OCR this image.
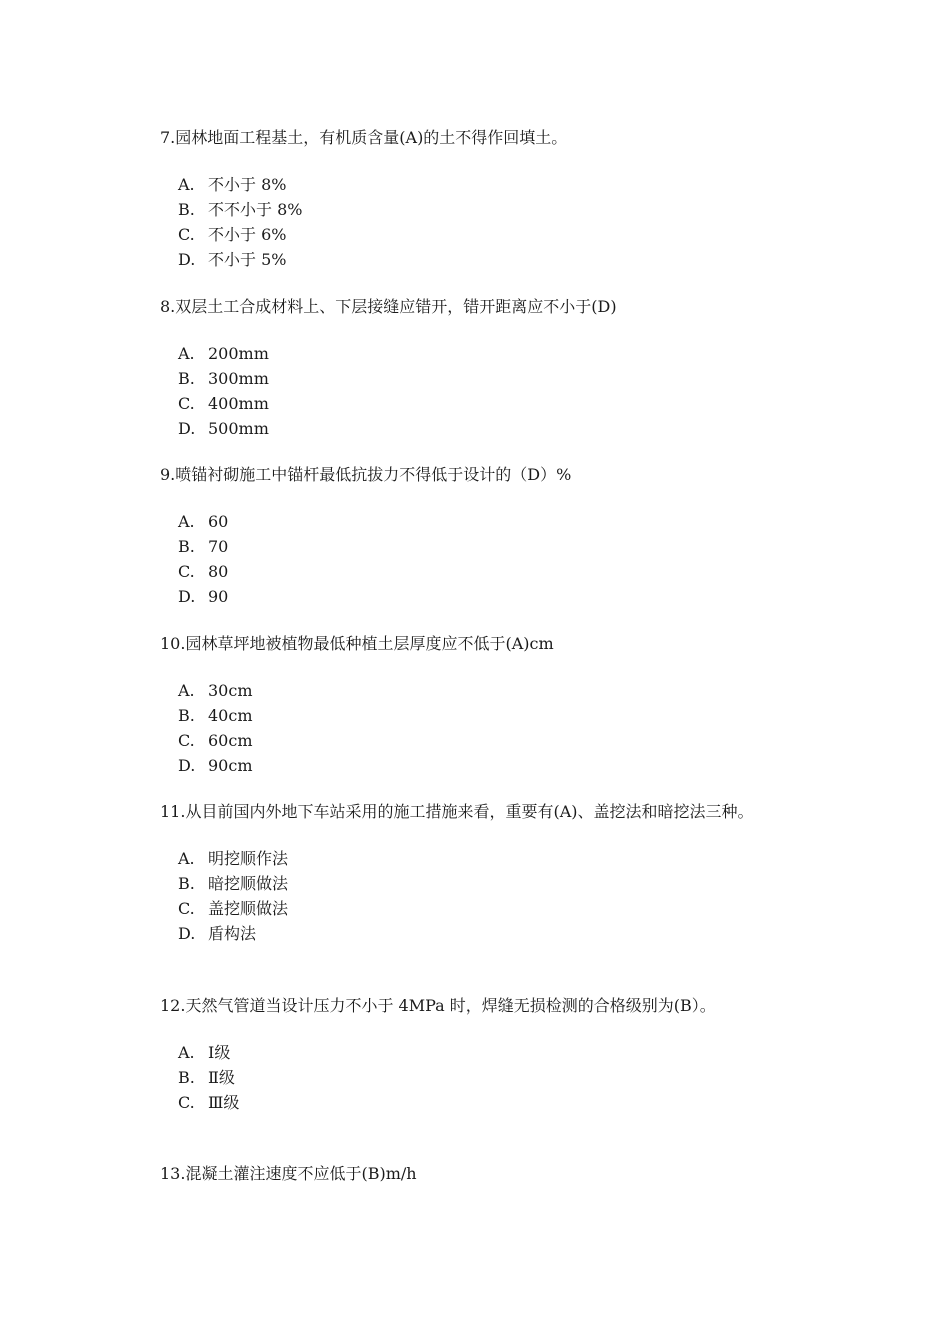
7.园林地面工程基土，有机质含量(A)的土不得作回填土。
A. 不小于 8%
B. 不不小于 8%
C. 不小于 6%
D. 不小于 5%
8.双层土工合成材料上、下层接缝应错开，错开距离应不小于(D)
A. 200mm
B. 300mm
C. 400mm
D. 500mm
9.喷锚衬砌施工中锚杆最低抗拔力不得低于设计的（D）%
A. 60
B. 70
C. 80
D. 90
10.园林草坪地被植物最低种植土层厚度应不低于(A)cm
A. 30cm
B. 40cm
C. 60cm
D. 90cm
11.从目前国内外地下车站采用的施工措施来看，重要有(A)、盖挖法和暗挖法三种。
A. 明挖顺作法
B. 暗挖顺做法
C. 盖挖顺做法
D. 盾构法
12.天然气管道当设计压力不小于 4MPa 时，焊缝无损检测的合格级别为(B）。
A. Ⅰ级
B. Ⅱ级
C. Ⅲ级
13.混凝土灌注速度不应低于(B)m/h
